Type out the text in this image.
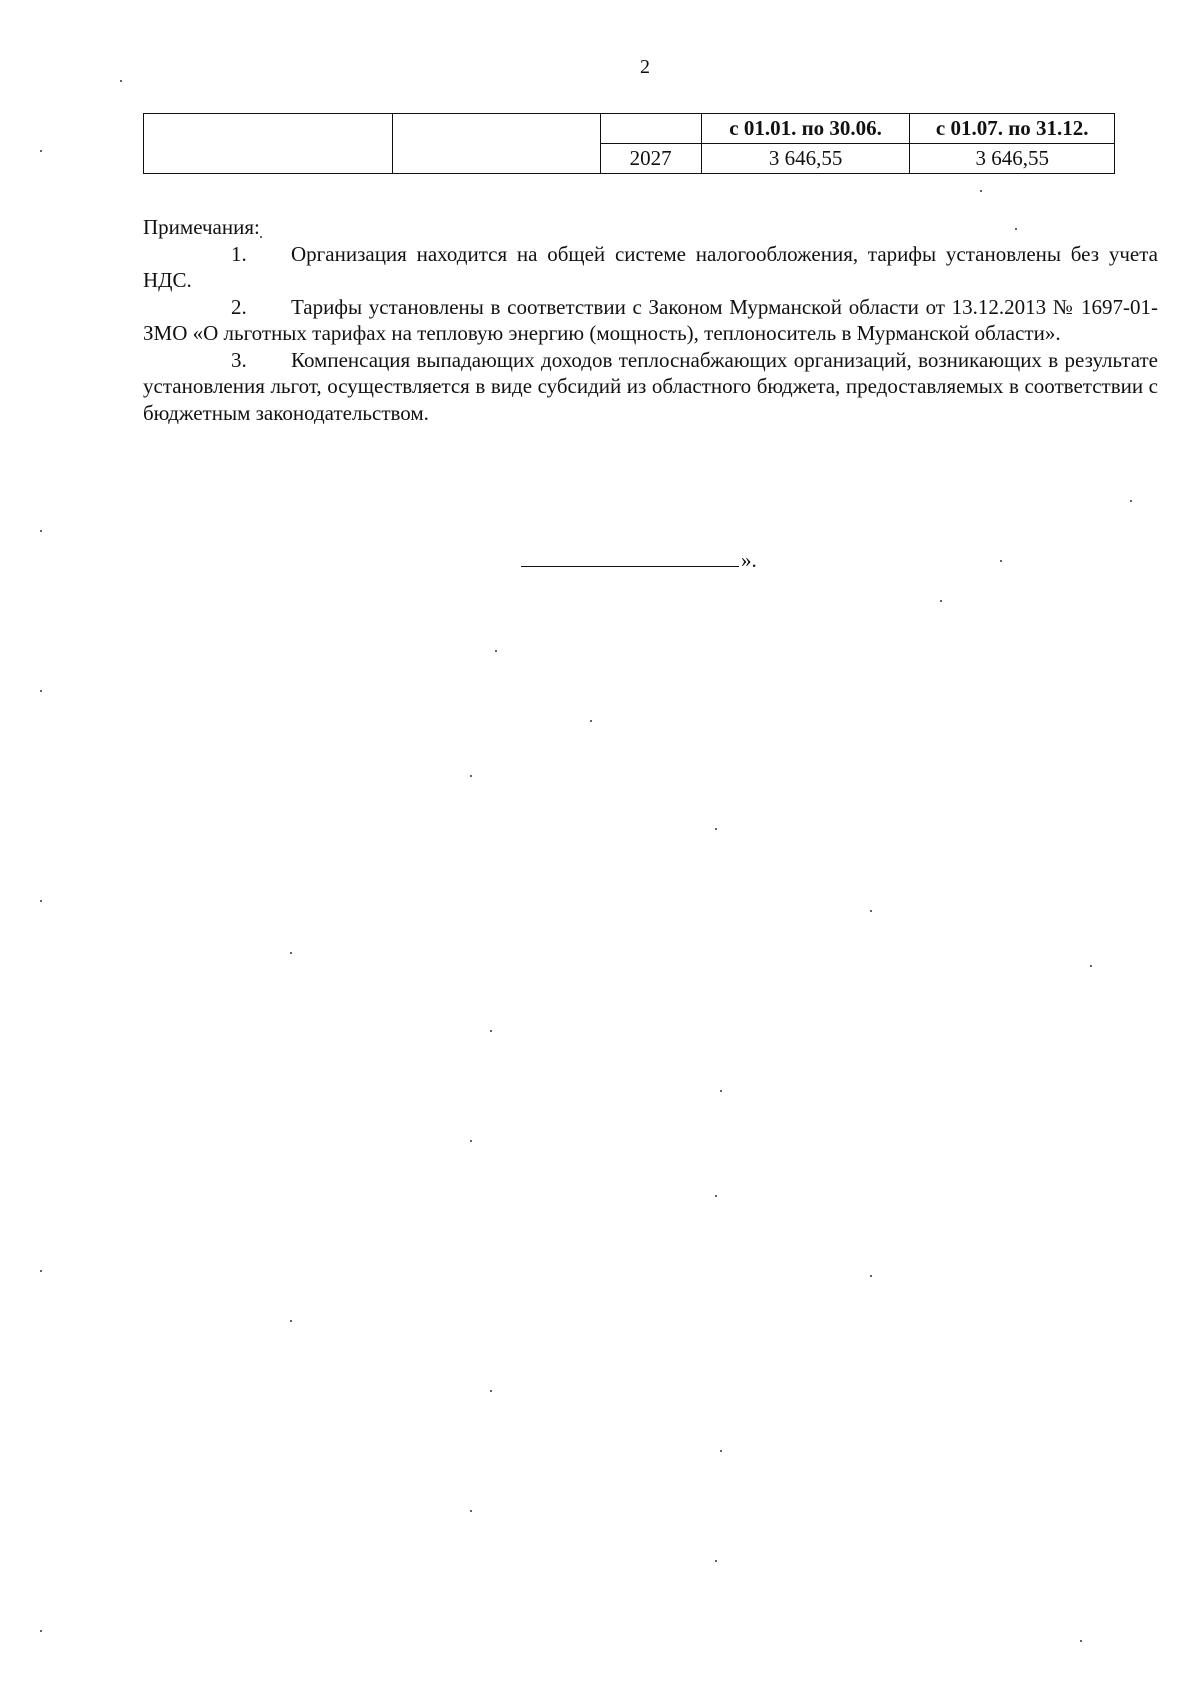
2
			с 01.01. по 30.06.	с 01.07. по 31.12.
		2027	3 646,55	3 646,55

Примечания:

1. Организация находится на общей системе налогообложения, тарифы установлены без учета НДС.

2. Тарифы установлены в соответствии с Законом Мурманской области от 13.12.2013 № 1697-01-ЗМО «О льготных тарифах на тепловую энергию (мощность), теплоноситель в Мурманской области».

3. Компенсация выпадающих доходов теплоснабжающих организаций, возникающих в результате установления льгот, осуществляется в виде субсидий из областного бюджета, предоставляемых в соответствии с бюджетным законодательством.

».
